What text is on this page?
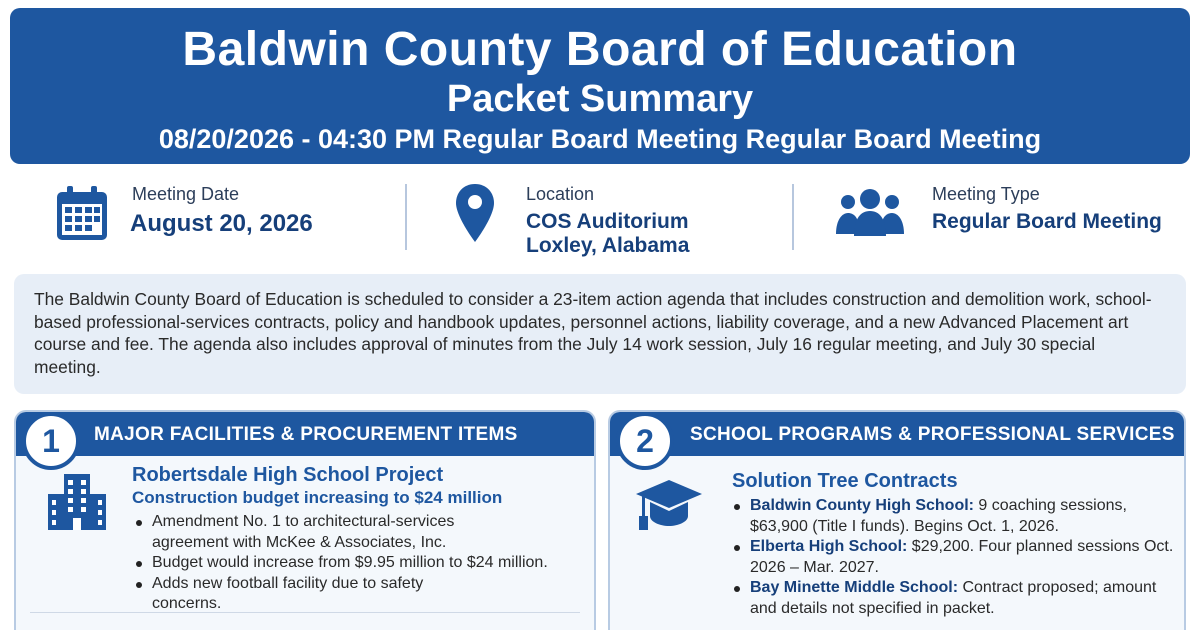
Baldwin County Board of Education
Packet Summary
08/20/2026 - 04:30 PM Regular Board Meeting Regular Board Meeting
Meeting Date
August 20, 2026
Location
COS Auditorium
Loxley, Alabama
Meeting Type
Regular Board Meeting
The Baldwin County Board of Education is scheduled to consider a 23-item action agenda that includes construction and demolition work, school-based professional-services contracts, policy and handbook updates, personnel actions, liability coverage, and a new Advanced Placement art course and fee. The agenda also includes approval of minutes from the July 14 work session, July 16 regular meeting, and July 30 special meeting.
MAJOR FACILITIES & PROCUREMENT ITEMS
1
Robertsdale High School Project
Construction budget increasing to $24 million
Amendment No. 1 to architectural-services agreement with McKee & Associates, Inc.
Budget would increase from $9.95 million to $24 million.
Adds new football facility due to safety concerns.
SCHOOL PROGRAMS & PROFESSIONAL SERVICES
2
Solution Tree Contracts
Baldwin County High School: 9 coaching sessions, $63,900 (Title I funds). Begins Oct. 1, 2026.
Elberta High School: $29,200. Four planned sessions Oct. 2026 – Mar. 2027.
Bay Minette Middle School: Contract proposed; amount and details not specified in packet.
